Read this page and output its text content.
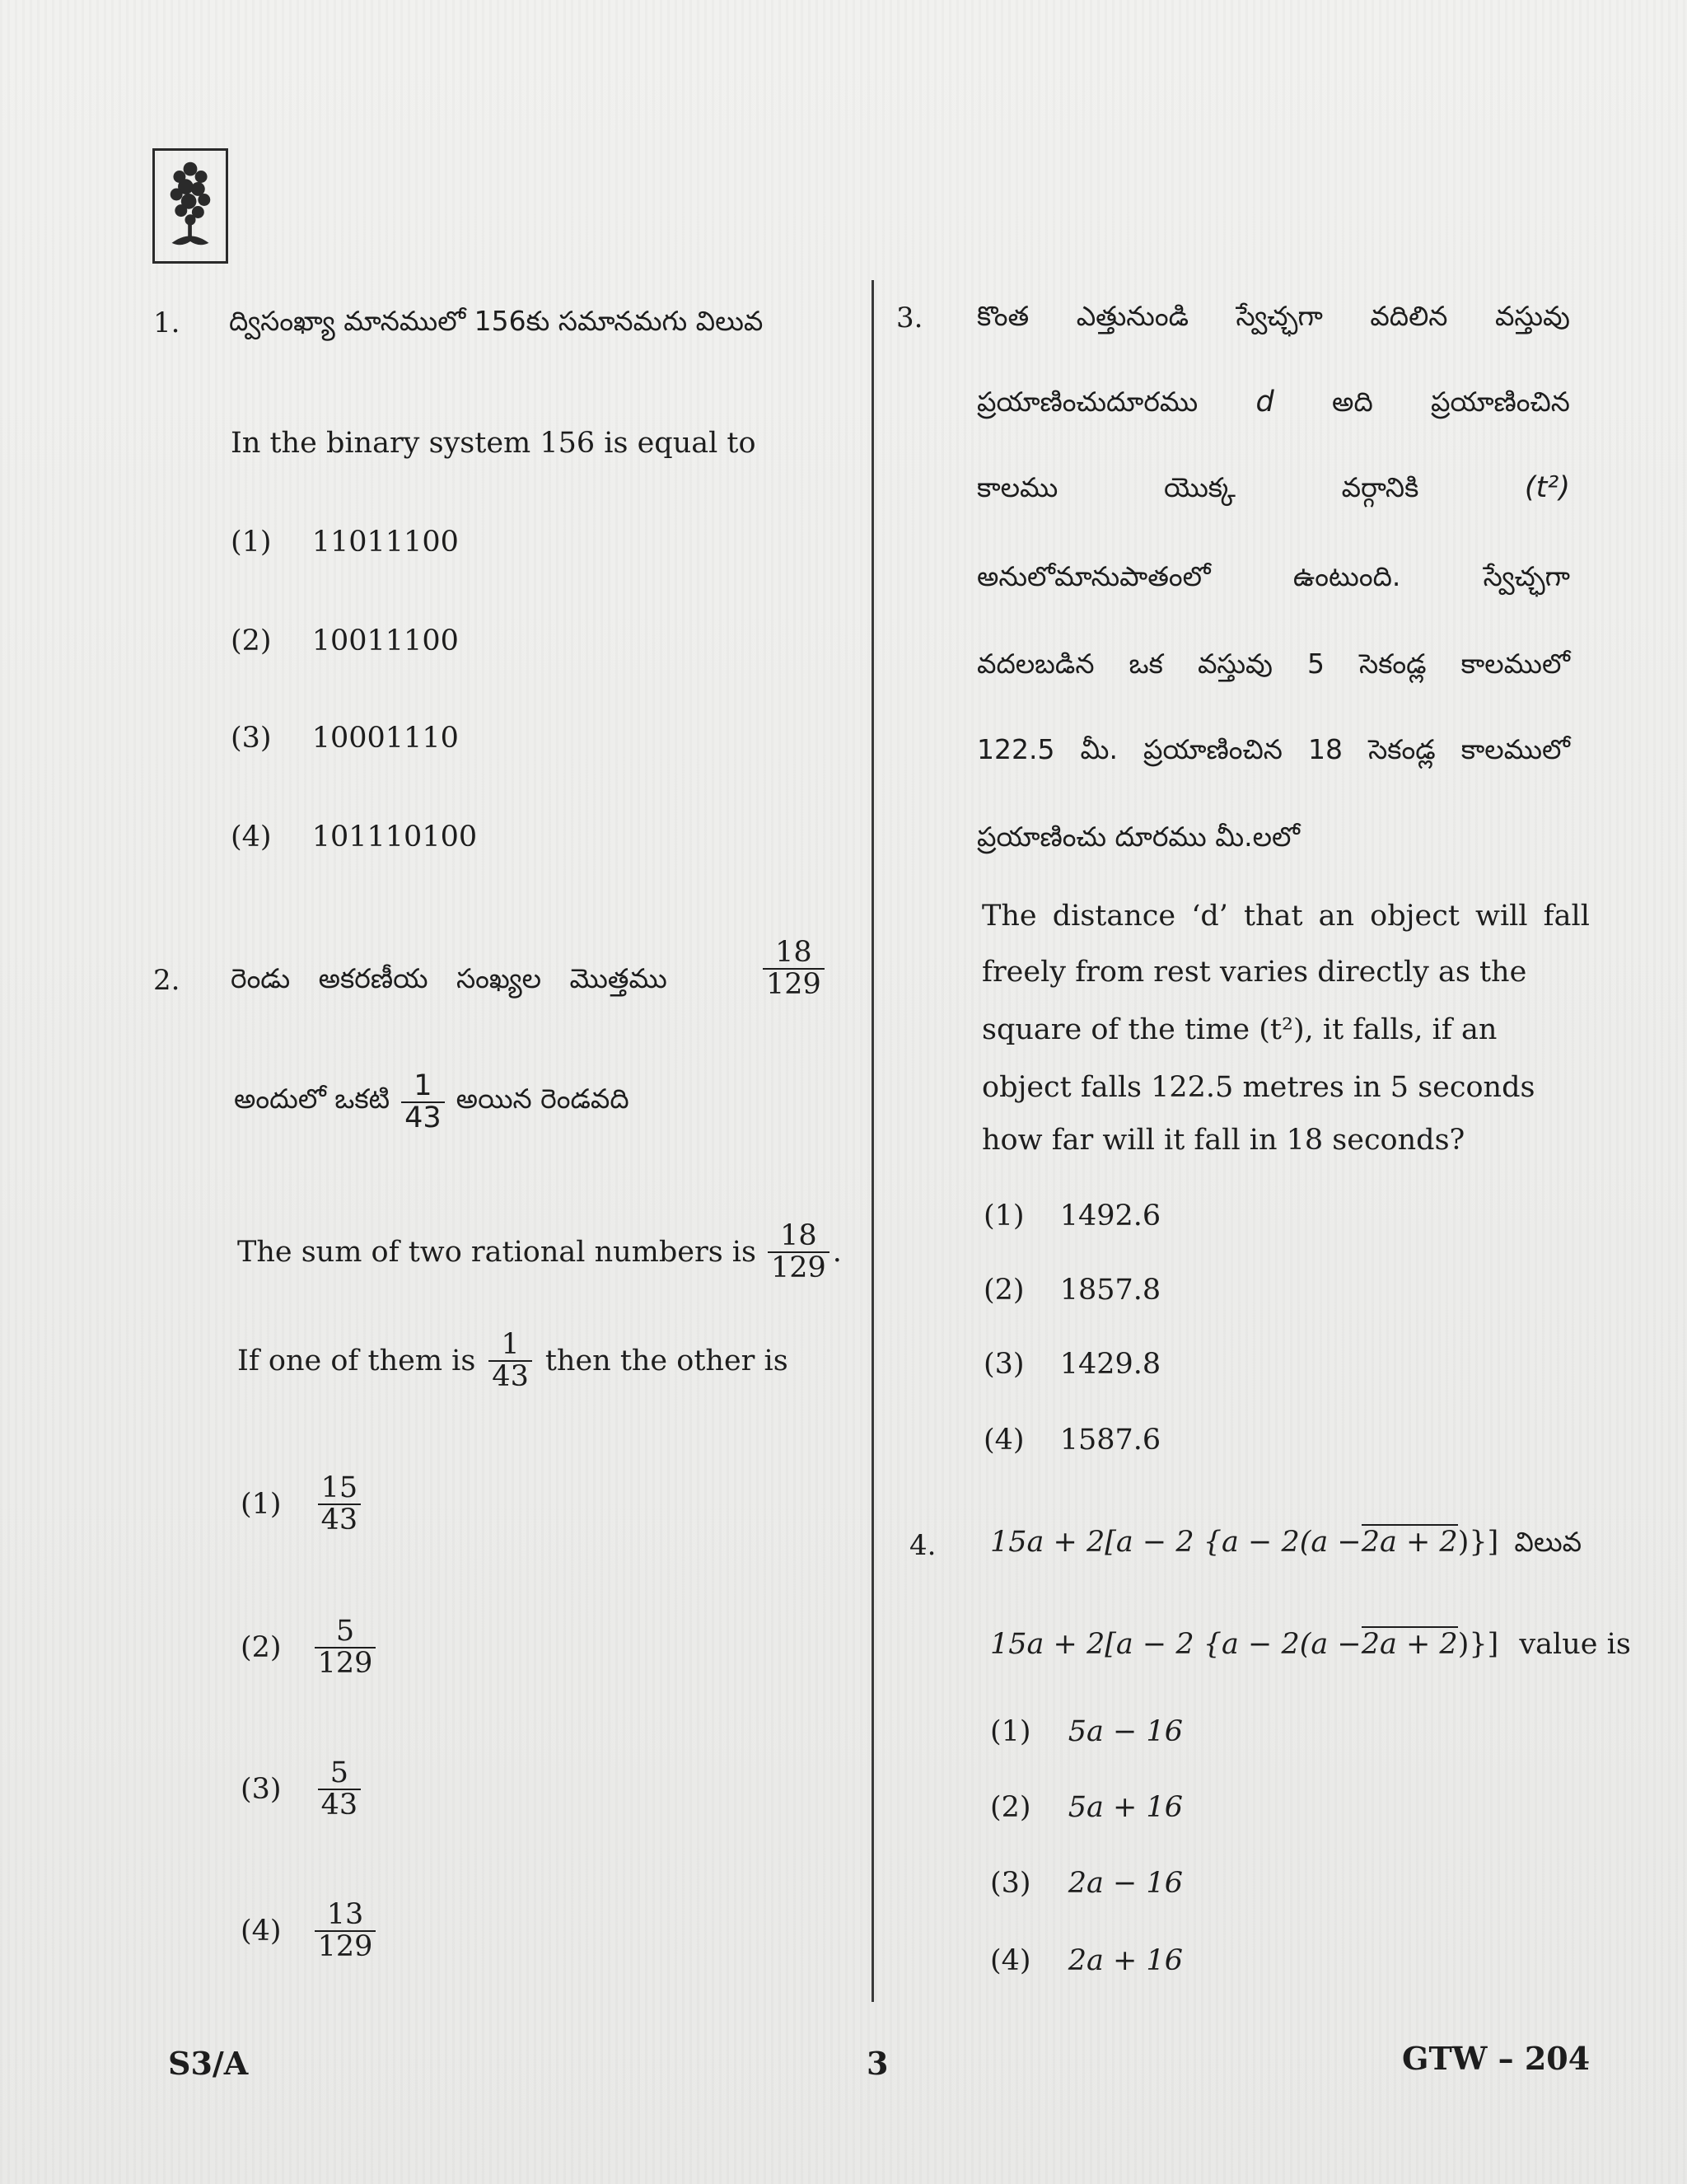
1. ద్విసంఖ్యా మానములో 156కు సమానమగు విలువ
In the binary system 156 is equal to
(1) 11011100
(2) 10011100
(3) 10001110
(4) 101110100
2. రెండు అకరణీయ సంఖ్యల మొత్తము	$\frac{18}{129}$
అందులో ఒకటి $\frac{1}{43}$ అయిన రెండవది
The sum of two rational numbers is $\frac{18}{129}$ .
If one of them is $\frac{1}{43}$ then the other is
$(1) \frac{15}{43}$
$(2) \frac{5}{129}$
$(3) \frac{5}{43}$
$(4) \frac{13}{129}$
3. కొంత ఎత్తునుండి స్వేచ్ఛగా వదిలిన వస్తువు
ప్రయాణించుదూరము d అది ప్రయాణించిన
కాలము	యొక్క	వర్గానికి	(t²)
అనులోమానుపాతంలో	ఉంటుంది.	స్వేచ్ఛగా
వదలబడిన ఒక వస్తువు 5 సెకండ్ల కాలములో
122.5 మీ. ప్రయాణించిన 18 సెకండ్ల కాలములో
ప్రయాణించు దూరము మీ.లలో
The distance ‘d’ that an object will fall
freely from rest varies directly as the
square of the time (t²), it falls, if an
object falls 122.5 metres in 5 seconds
how far will it fall in 18 seconds?
(1) 1492.6
(2) 1857.8
(3) 1429.8
(4) 1587.6
4. 15a + 2[a − 2 {a − 2(a −2a + 2)}] విలువ
15a + 2[a − 2 {a − 2(a −2a + 2)}] value is
(1) 5a − 16
(2) 5a + 16
(3) 2a − 16
(4) 2a + 16
S3/A	3	GTW – 204
